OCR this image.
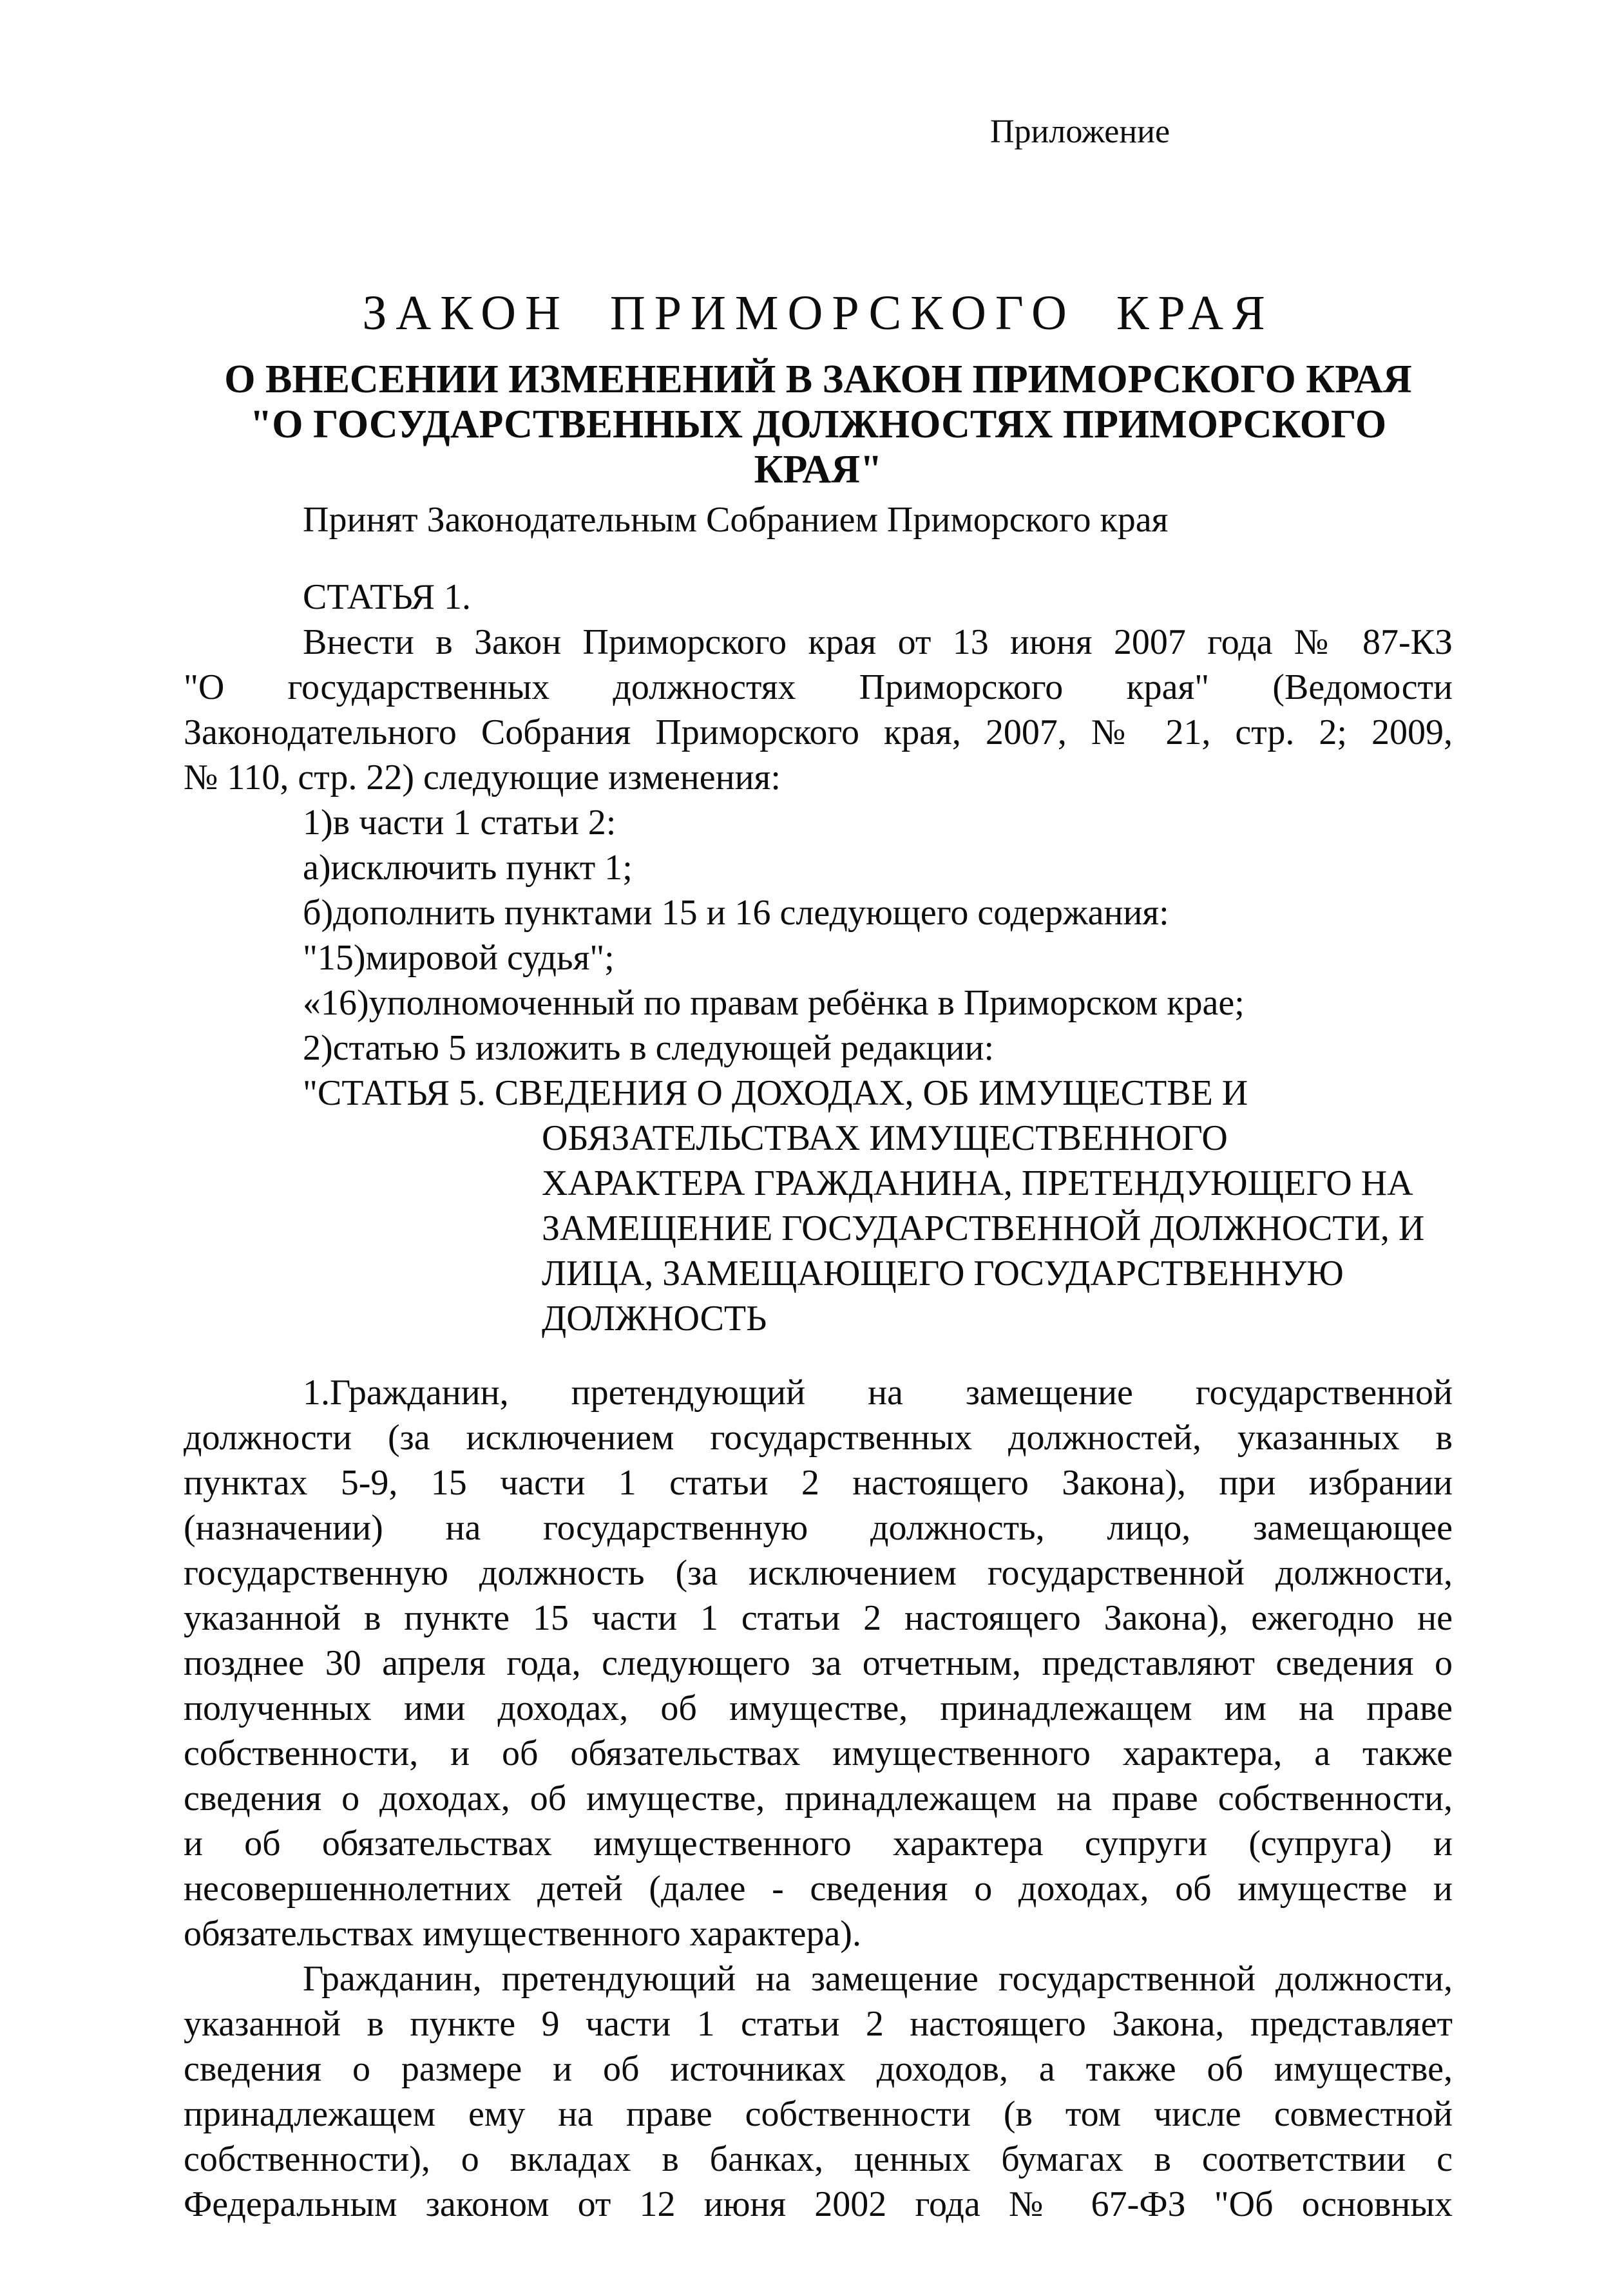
Приложение
ЗАКОН ПРИМОРСКОГО КРАЯ
О ВНЕСЕНИИ ИЗМЕНЕНИЙ В ЗАКОН ПРИМОРСКОГО КРАЯ
"О ГОСУДАРСТВЕННЫХ ДОЛЖНОСТЯХ ПРИМОРСКОГО КРАЯ"
Принят Законодательным Собранием Приморского края
СТАТЬЯ 1.
Внести в Закон Приморского края от 13 июня 2007 года № 87-КЗ
"О государственных должностях Приморского края" (Ведомости
Законодательного Собрания Приморского края, 2007, № 21, стр. 2; 2009,
№ 110, стр. 22) следующие изменения:
1)в части 1 статьи 2:
а)исключить пункт 1;
б)дополнить пунктами 15 и 16 следующего содержания:
"15)мировой судья";
«16)уполномоченный по правам ребёнка в Приморском крае;
2)статью 5 изложить в следующей редакции:
"СТАТЬЯ 5. СВЕДЕНИЯ О ДОХОДАХ, ОБ ИМУЩЕСТВЕ И
ОБЯЗАТЕЛЬСТВАХ ИМУЩЕСТВЕННОГО
ХАРАКТЕРА ГРАЖДАНИНА, ПРЕТЕНДУЮЩЕГО НА
ЗАМЕЩЕНИЕ ГОСУДАРСТВЕННОЙ ДОЛЖНОСТИ, И
ЛИЦА, ЗАМЕЩАЮЩЕГО ГОСУДАРСТВЕННУЮ
ДОЛЖНОСТЬ
1.Гражданин, претендующий на замещение государственной
должности (за исключением государственных должностей, указанных в
пунктах 5-9, 15 части 1 статьи 2 настоящего Закона), при избрании
(назначении) на государственную должность, лицо, замещающее
государственную должность (за исключением государственной должности,
указанной в пункте 15 части 1 статьи 2 настоящего Закона), ежегодно не
позднее 30 апреля года, следующего за отчетным, представляют сведения о
полученных ими доходах, об имуществе, принадлежащем им на праве
собственности, и об обязательствах имущественного характера, а также
сведения о доходах, об имуществе, принадлежащем на праве собственности,
и об обязательствах имущественного характера супруги (супруга) и
несовершеннолетних детей (далее - сведения о доходах, об имуществе и
обязательствах имущественного характера).
Гражданин, претендующий на замещение государственной должности,
указанной в пункте 9 части 1 статьи 2 настоящего Закона, представляет
сведения о размере и об источниках доходов, а также об имуществе,
принадлежащем ему на праве собственности (в том числе совместной
собственности), о вкладах в банках, ценных бумагах в соответствии с
Федеральным законом от 12 июня 2002 года № 67-ФЗ "Об основных
